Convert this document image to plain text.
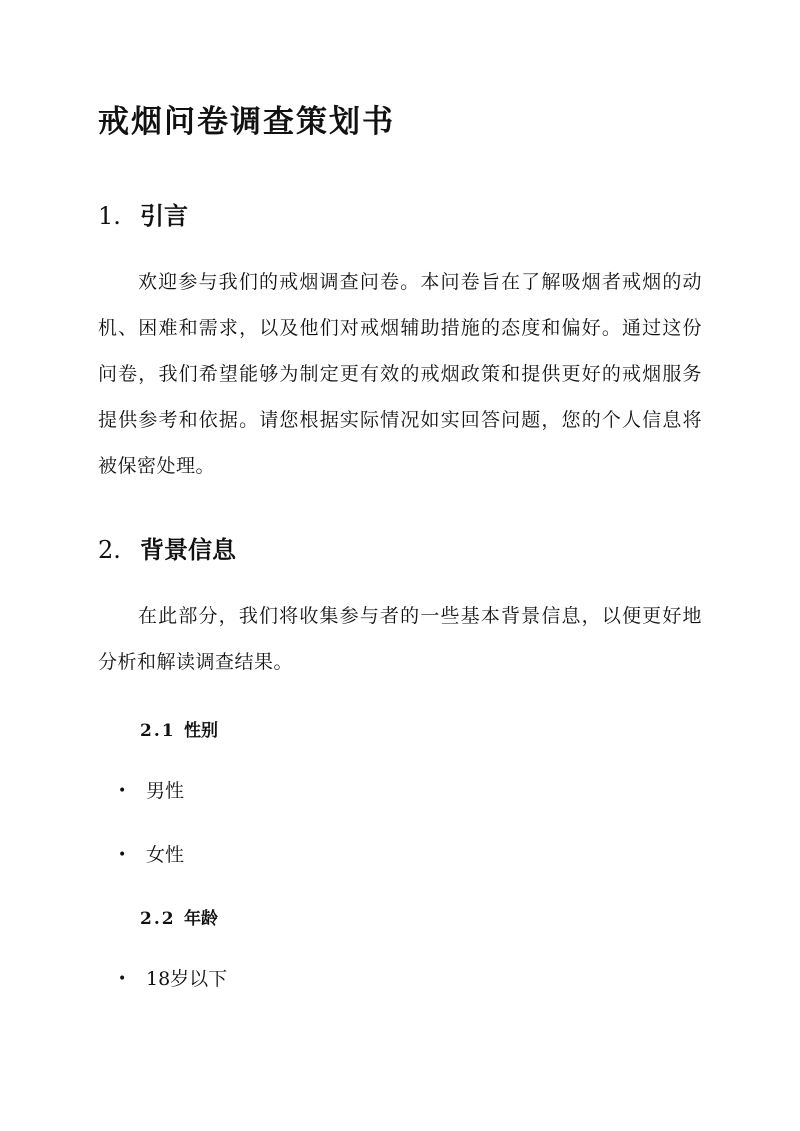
戒烟问卷调查策划书
1. 引言

欢迎参与我们的戒烟调查问卷。本问卷旨在了解吸烟者戒烟的动机、困难和需求，以及他们对戒烟辅助措施的态度和偏好。通过这份问卷，我们希望能够为制定更有效的戒烟政策和提供更好的戒烟服务提供参考和依据。请您根据实际情况如实回答问题，您的个人信息将被保密处理。

2. 背景信息

在此部分，我们将收集参与者的一些基本背景信息，以便更好地分析和解读调查结果。

2.1 性别
• 男性
• 女性
2.2 年龄
• 18岁以下
